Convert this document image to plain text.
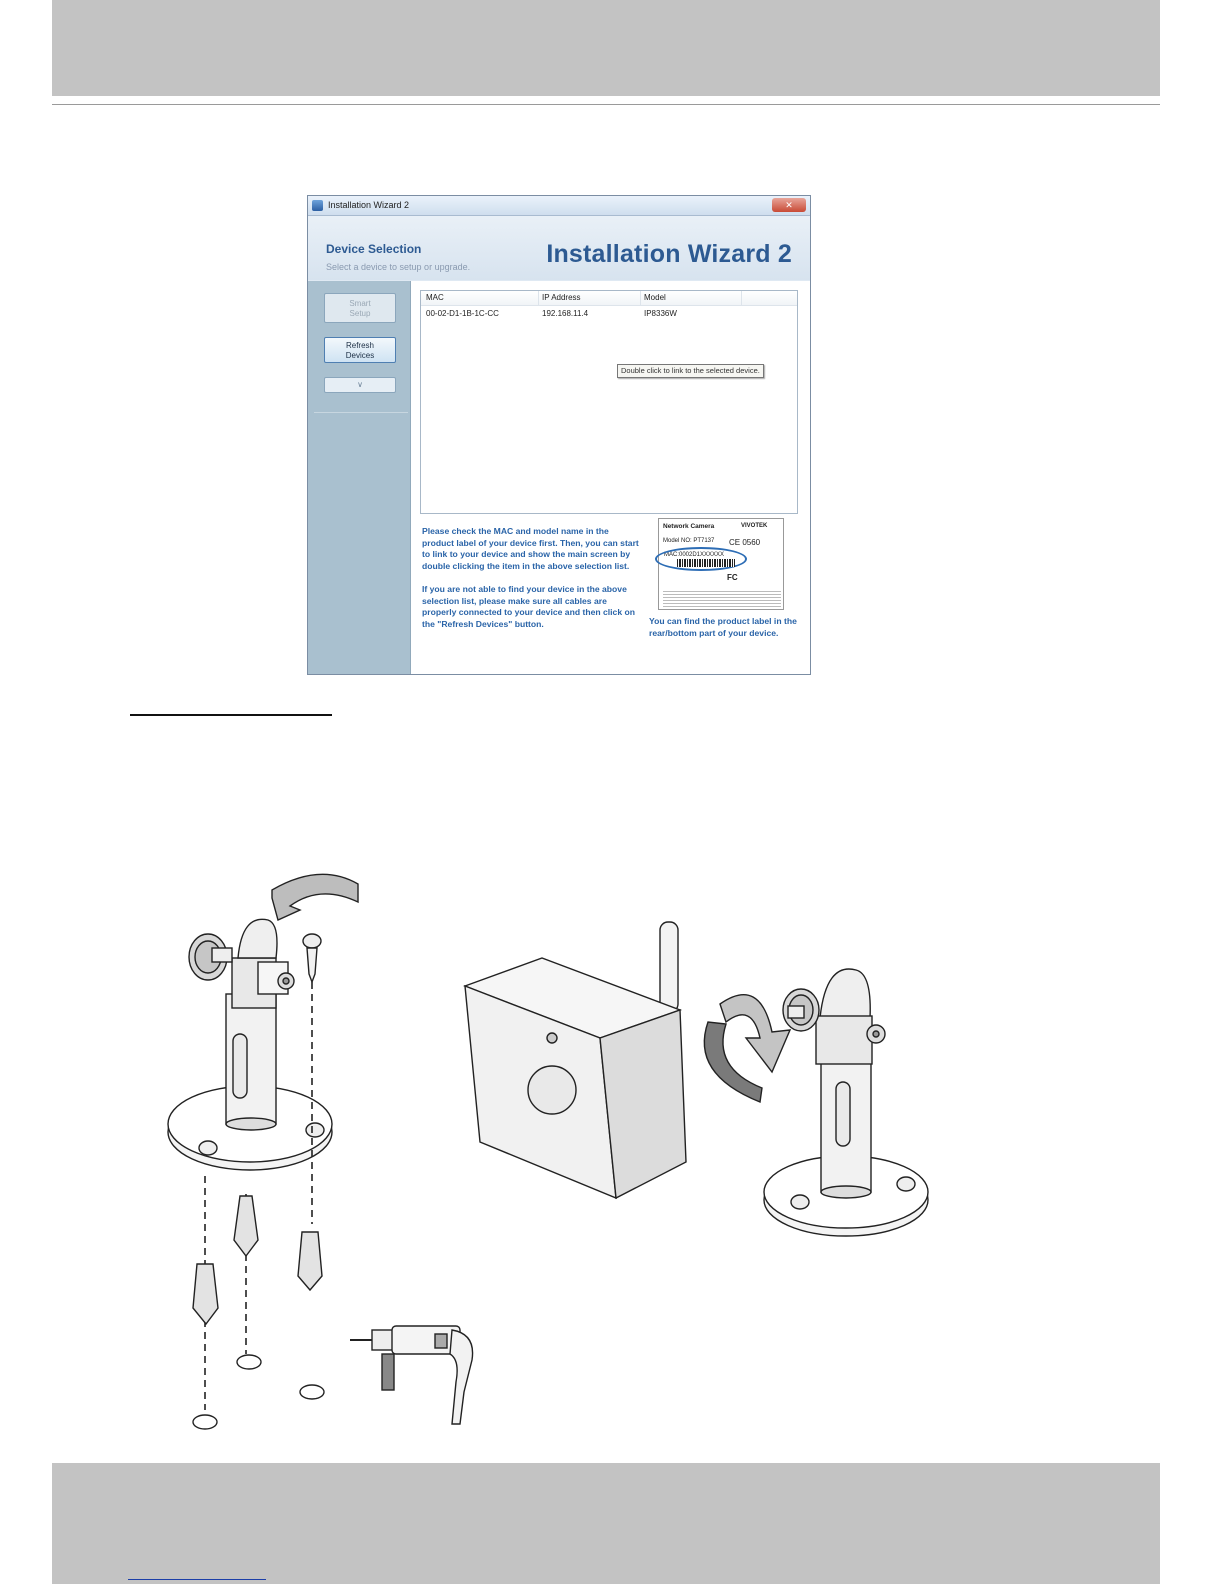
Installation Wizard 2	✕
Device Selection
Select a device to setup or upgrade.	Installation Wizard 2
Smart
Setup
Refresh
Devices
∨
MAC	IP Address	Model
00-02-D1-1B-1C-CC	192.168.11.4	IP8336W
Double click to link to the selected device.

Please check the MAC and model name in the product label of your device first. Then, you can start to link to your device and show the main screen by double clicking the item in the above selection list.

If you are not able to find your device in the above selection list, please make sure all cables are properly connected to your device and then click on the "Refresh Devices" button.

Network Camera	VIVOTEK
Model NO: PT7137 CE 0560
MAC:0002D1XXXXXX
FC
You can find the product label in the rear/bottom part of your device.
